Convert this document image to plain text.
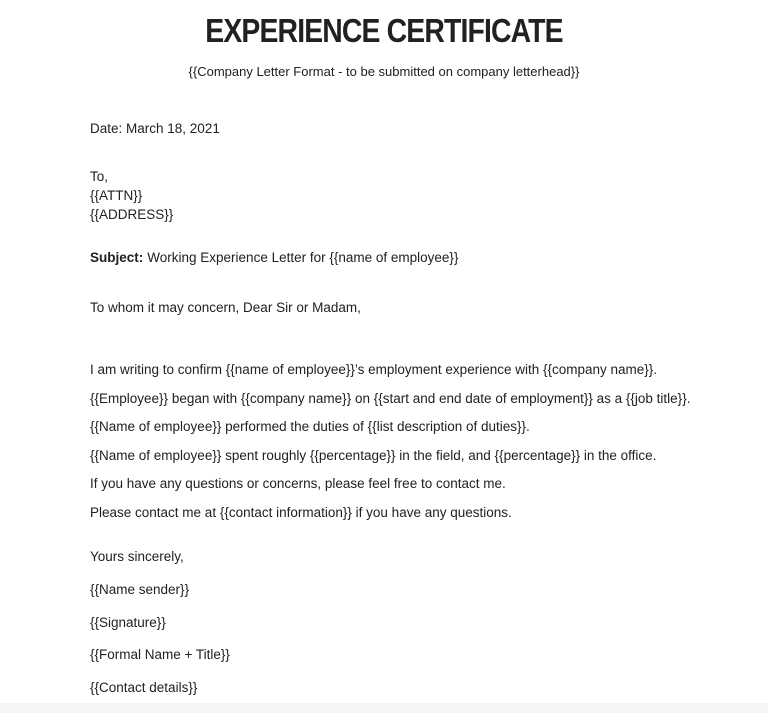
EXPERIENCE CERTIFICATE
{{Company Letter Format - to be submitted on company letterhead}}
Date: March 18, 2021

To,

{{ATTN}}

{{ADDRESS}}

Subject: Working Experience Letter for {{name of employee}}
To whom it may concern, Dear Sir or Madam,

I am writing to confirm {{name of employee}}’s employment experience with {{company name}}.

{{Employee}} began with {{company name}} on {{start and end date of employment}} as a {{job title}}.

{{Name of employee}} performed the duties of {{list description of duties}}.

{{Name of employee}} spent roughly {{percentage}} in the field, and {{percentage}} in the office.

If you have any questions or concerns, please feel free to contact me.

Please contact me at {{contact information}} if you have any questions.

Yours sincerely,

{{Name sender}}

{{Signature}}

{{Formal Name + Title}}

{{Contact details}}
